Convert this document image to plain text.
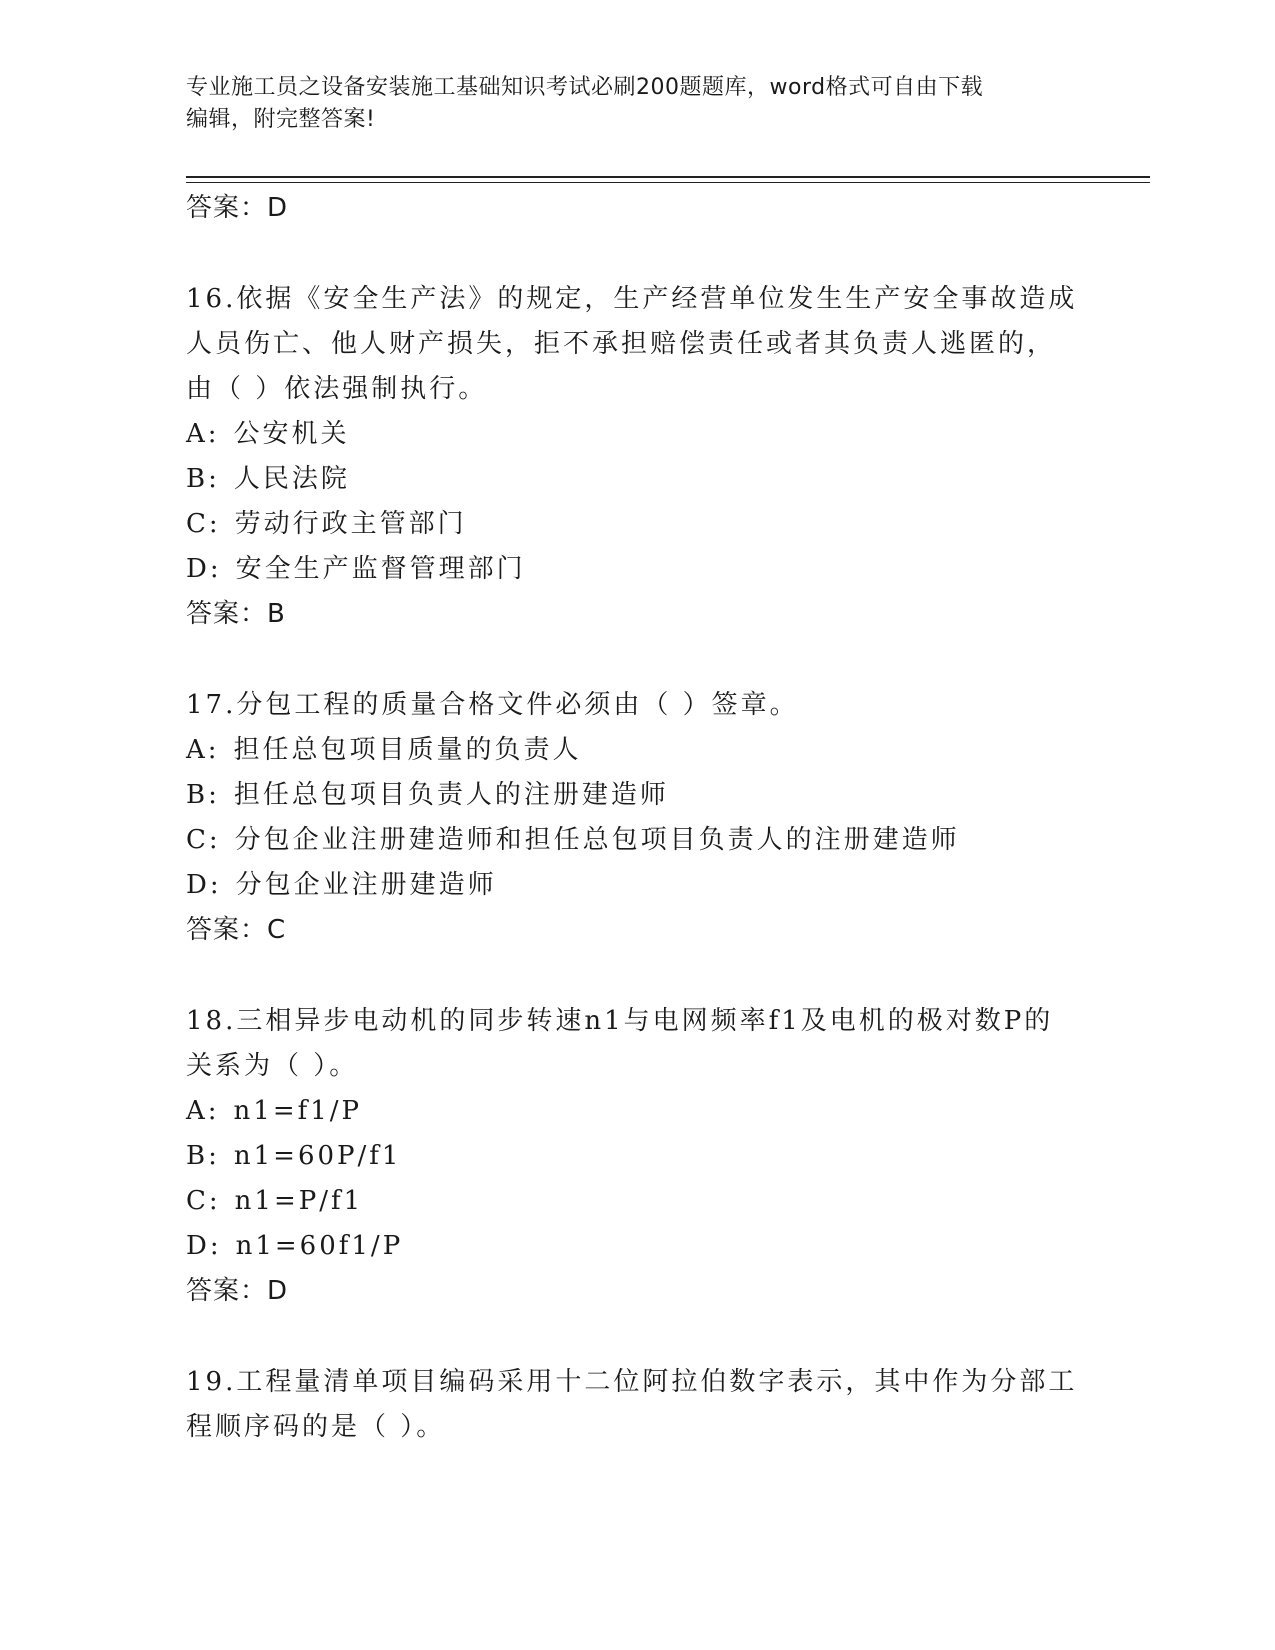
专业施工员之设备安装施工基础知识考试必刷200题题库，word格式可自由下载
编辑，附完整答案!
答案：D
16.依据《安全生产法》的规定，生产经营单位发生生产安全事故造成
人员伤亡、他人财产损失，拒不承担赔偿责任或者其负责人逃匿的，
由（ ）依法强制执行。
A: 公安机关
B: 人民法院
C: 劳动行政主管部门
D: 安全生产监督管理部门
答案：B
17.分包工程的质量合格文件必须由（ ）签章。
A: 担任总包项目质量的负责人
B: 担任总包项目负责人的注册建造师
C: 分包企业注册建造师和担任总包项目负责人的注册建造师
D: 分包企业注册建造师
答案：C
18.三相异步电动机的同步转速n1与电网频率f1及电机的极对数P的
关系为（ ）。
A: n1=f1/P
B: n1=60P/f1
C: n1=P/f1
D: n1=60f1/P
答案：D
19.工程量清单项目编码采用十二位阿拉伯数字表示，其中作为分部工
程顺序码的是（ ）。
